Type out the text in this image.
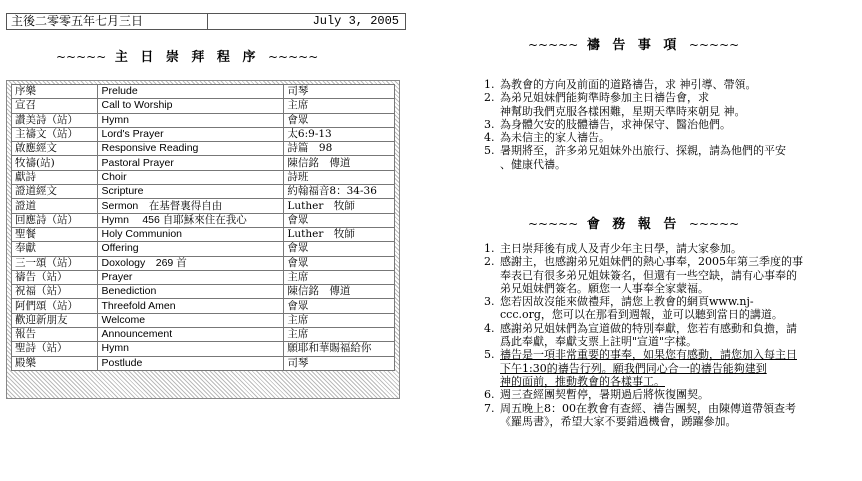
主後二零零五年七月三日	July 3, 2005
~~~~~ 主 日 崇 拜 程 序 ~~~~~
序樂	Prelude	司琴
宣召	Call to Worship	主席
讚美詩（站）	Hymn	會眾
主禱文（站）	Lord's Prayer	太6:9-13
啟應經文	Responsive Reading	詩篇　98
牧禱(站)	Pastoral Prayer	陳信銘　傳道
獻詩	Choir	詩班
證道經文	Scripture	約翰福音8：34-36
證道	Sermon　在基督裏得自由	Luther　牧師
回應詩（站）	Hymn　 456 自耶穌來住在我心	會眾
聖餐	Holy Communion	Luther　牧師
奉獻	Offering	會眾
三一頌（站）	Doxology　269 首	會眾
禱告（站）	Prayer	主席
祝福（站）	Benediction	陳信銘　傳道
阿們頌（站）	Threefold Amen	會眾
歡迎新朋友	Welcome	主席
報告	Announcement	主席
聖詩（站）	Hymn	願耶和華賜福給你
殿樂	Postlude	司琴
~~~~~ 禱 告 事 項 ~~~~~
1. 為教會的方向及前面的道路禱告，求 神引導、帶領。
2. 為弟兄姐妹們能夠準時參加主日禱告會，求
神幫助我們克服各樣困難，星期天準時來朝見 神。
3. 為身體欠安的肢體禱告，求神保守、醫治他們。
4. 為未信主的家人禱告。
5. 暑期將至，許多弟兄姐妹外出旅行、探親，請為他們的平安
、健康代禱。
~~~~~ 會 務 報 告 ~~~~~
1. 主日崇拜後有成人及青少年主日學，請大家參加。
2. 感謝主，也感謝弟兄姐妹們的熱心事奉，2005年第三季度的事
奉表已有很多弟兄姐妹簽名，但還有一些空缺，請有心事奉的
弟兄姐妹們簽名。願您一人事奉全家蒙福。
3. 您若因故沒能來做禮拜，請您上教會的網頁www.nj-
ccc.org，您可以在那看到週報，並可以聽到當日的講道。
4. 感謝弟兄姐妹們為宣道做的特別奉獻，您若有感動和負擔，請
爲此奉獻，奉獻支票上註明"宣道"字樣。
5. 禱告是一項非常重要的事奉，如果您有感動，請您加入每主日
下午1:30的禱告行列。願我們同心合一的禱告能夠建到
神的面前，推動教會的各樣事工。
6. 週三查經團契暫停，暑期過后將恢復團契。
7. 周五晚上8：00在教會有查經、禱告團契，由陳傳道帶領查考
《羅馬書》，希望大家不要錯過機會，踴躍參加。
